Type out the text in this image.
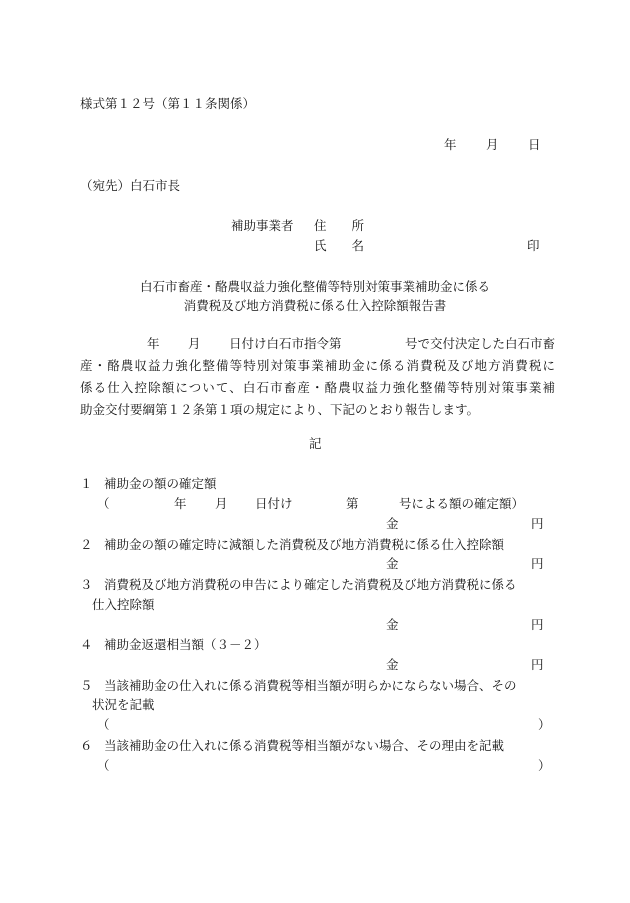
様式第１２号（第１１条関係）
年 月 日
（宛先）白石市長
補助事業者 住　　所
氏　　名	印
白石市畜産・酪農収益力強化整備等特別対策事業補助金に係る
消費税及び地方消費税に係る仕入控除額報告書
年 月 日付け白石市指令第	号で交付決定した白石市畜
産・酪農収益力強化整備等特別対策事業補助金に係る消費税及び地方消費税に
係る仕入控除額について、白石市畜産・酪農収益力強化整備等特別対策事業補
助金交付要綱第１２条第１項の規定により、下記のとおり報告します。
記
１ 補助金の額の確定額
（	年 月 日付け	第	号による額の確定額）
金	円
２ 補助金の額の確定時に減額した消費税及び地方消費税に係る仕入控除額
金	円
３ 消費税及び地方消費税の申告により確定した消費税及び地方消費税に係る
仕入控除額
金	円
４ 補助金返還相当額（３－２）
金	円
５ 当該補助金の仕入れに係る消費税等相当額が明らかにならない場合、その
状況を記載
（	）
６ 当該補助金の仕入れに係る消費税等相当額がない場合、その理由を記載
（	）
